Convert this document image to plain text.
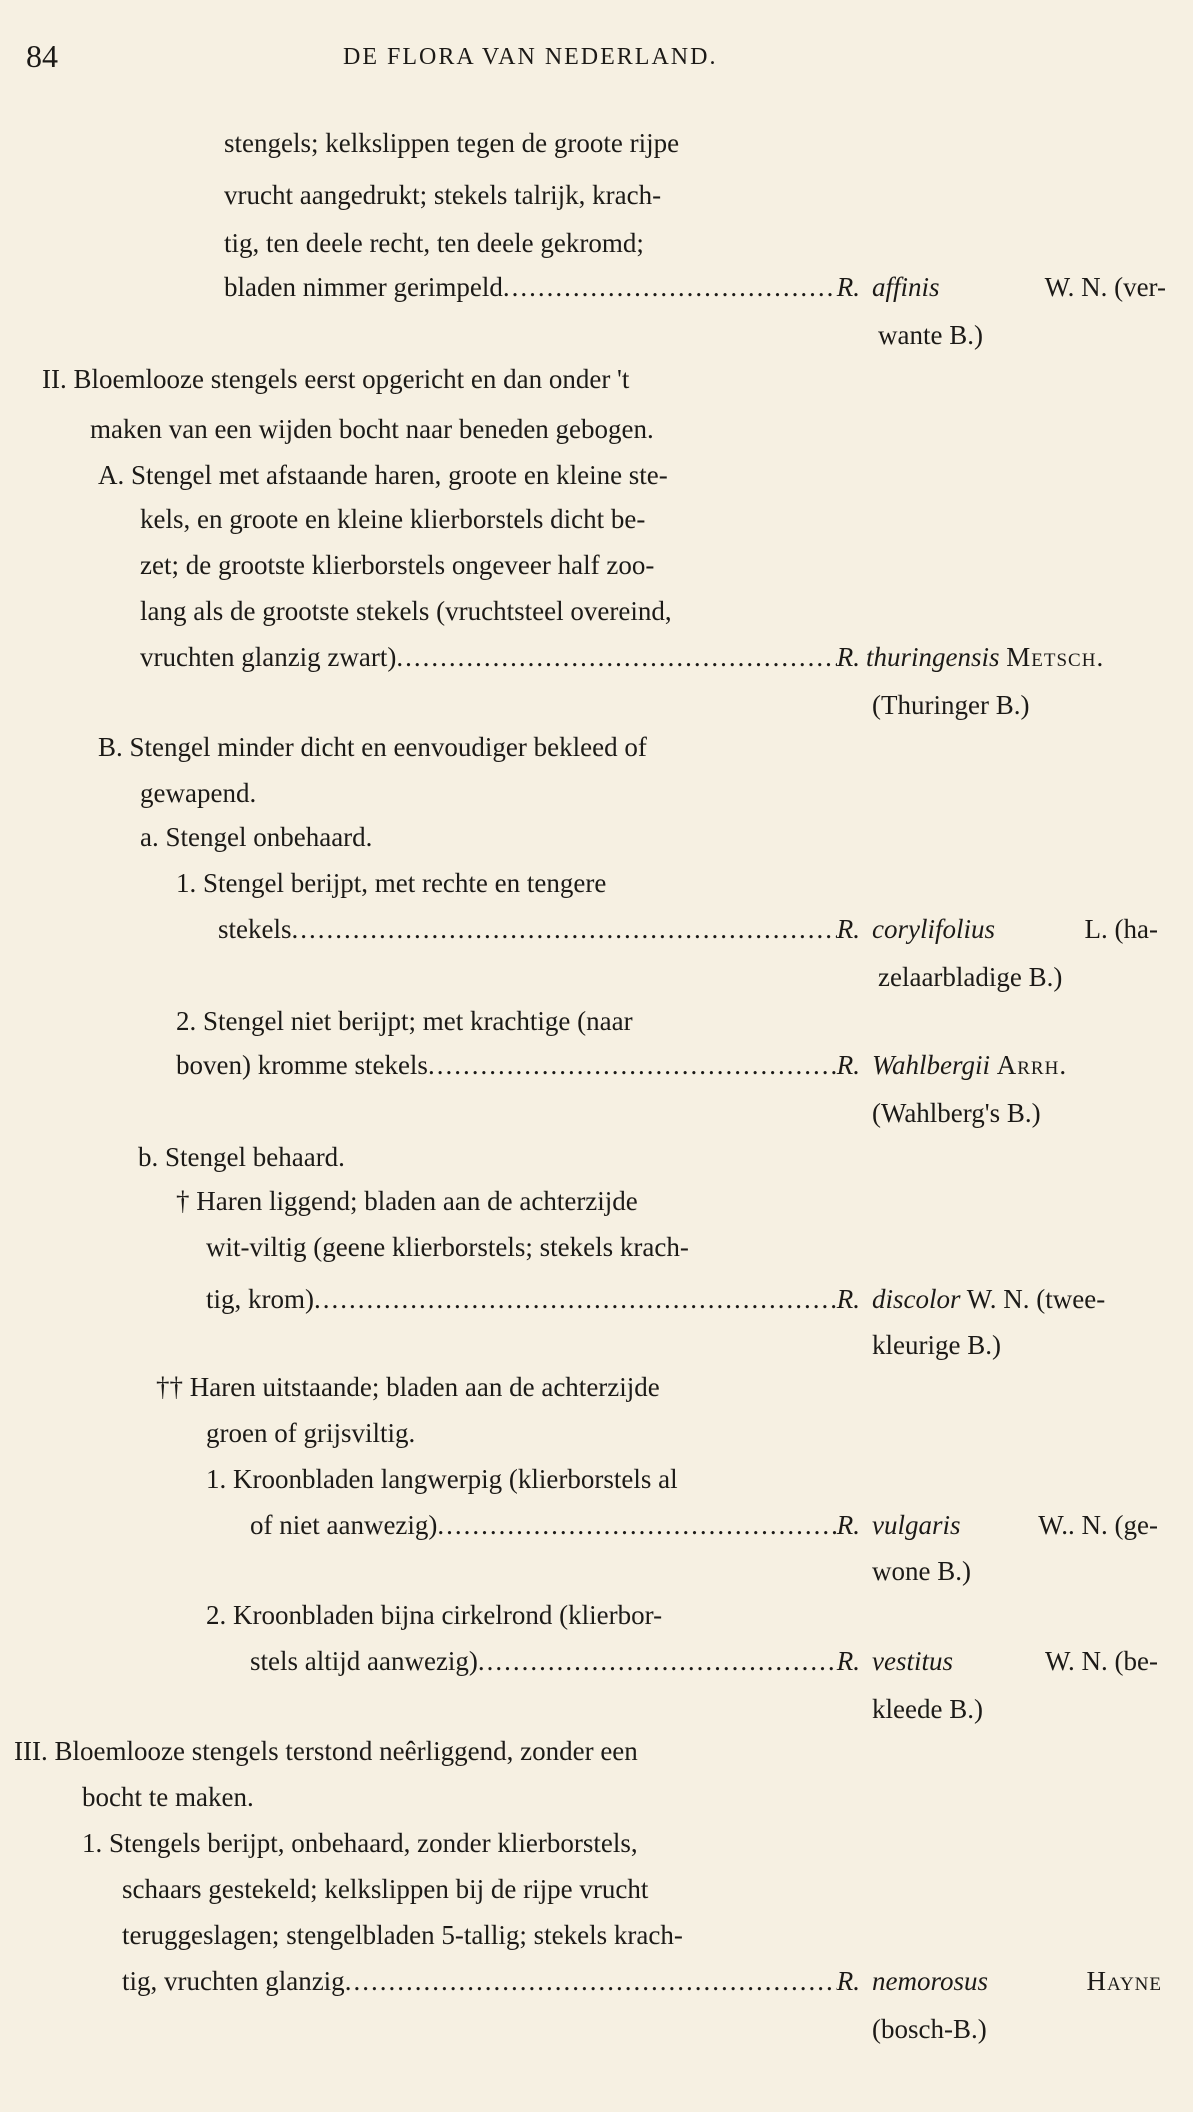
84	DE FLORA VAN NEDERLAND.
stengels; kelkslippen tegen de groote rijpe
vrucht aangedrukt; stekels talrijk, krach-
tig, ten deele recht, ten deele gekromd;
bladen nimmer gerimpeld .....	R. affinis	W. N. (ver-
wante B.)
II. Bloemlooze stengels eerst opgericht en dan onder 't
maken van een wijden bocht naar beneden gebogen.
A. Stengel met afstaande haren, groote en kleine ste-
kels, en groote en kleine klierborstels dicht be-
zet; de grootste klierborstels ongeveer half zoo-
lang als de grootste stekels (vruchtsteel overeind,
vruchten glanzig zwart) .....	R. thuringensis Metsch.
(Thuringer B.)
B. Stengel minder dicht en eenvoudiger bekleed of
gewapend.
a. Stengel onbehaard.
1. Stengel berijpt, met rechte en tengere
stekels .....	R. corylifolius	L. (ha-
zelaarbladige B.)
2. Stengel niet berijpt; met krachtige (naar
boven) kromme stekels .....	R. Wahlbergii Arrh.
(Wahlberg's B.)
b. Stengel behaard.
† Haren liggend; bladen aan de achterzijde
wit-viltig (geene klierborstels; stekels krach-
tig, krom) .....	R. discolor W. N. (twee-
kleurige B.)
†† Haren uitstaande; bladen aan de achterzijde
groen of grijsviltig.
1. Kroonbladen langwerpig (klierborstels al
of niet aanwezig) .....	R. vulgaris	W.. N. (ge-
wone B.)
2. Kroonbladen bijna cirkelrond (klierbor-
stels altijd aanwezig) .....	R. vestitus	W. N. (be-
kleede B.)
III. Bloemlooze stengels terstond neêrliggend, zonder een
bocht te maken.
1. Stengels berijpt, onbehaard, zonder klierborstels,
schaars gestekeld; kelkslippen bij de rijpe vrucht
teruggeslagen; stengelbladen 5-tallig; stekels krach-
tig, vruchten glanzig .....	R. nemorosus	Hayne
(bosch-B.)
